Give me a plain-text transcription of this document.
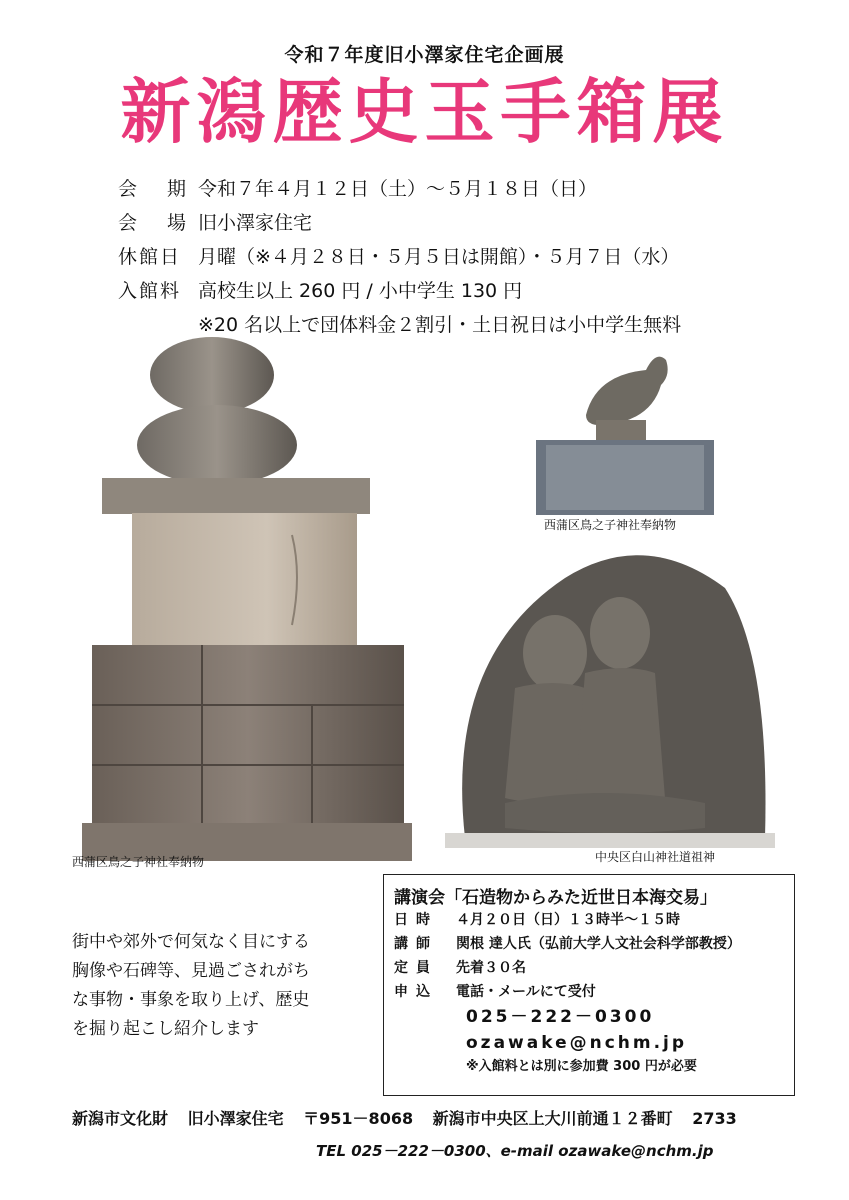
令和７年度旧小澤家住宅企画展
新潟歴史玉手箱展
会 期 令和７年４月１２日（土）～５月１８日（日）
会 場 旧小澤家住宅
休館日 月曜（※４月２８日・５月５日は開館）・５月７日（水）
入館料 高校生以上 260 円 / 小中学生 130 円
※20 名以上で団体料金２割引・土日祝日は小中学生無料
西蒲区鳥之子神社奉納物
西蒲区鳥之子神社奉納物
中央区白山神社道祖神
街中や郊外で何気なく目にする
胸像や石碑等、見過ごされがち
な事物・事象を取り上げ、歴史
を掘り起こし紹介します
講演会「石造物からみた近世日本海交易」
日時	４月２０日（日）１３時半～１５時
講師	関根 達人氏（弘前大学人文社会科学部教授）
定員	先着３０名
申込	電話・メールにて受付
025－222－0300
ozawake@nchm.jp
※入館料とは別に参加費 300 円が必要
新潟市文化財 旧小澤家住宅 〒951－8068 新潟市中央区上大川前通１２番町 2733
TEL 025－222－0300、e-mail ozawake@nchm.jp
